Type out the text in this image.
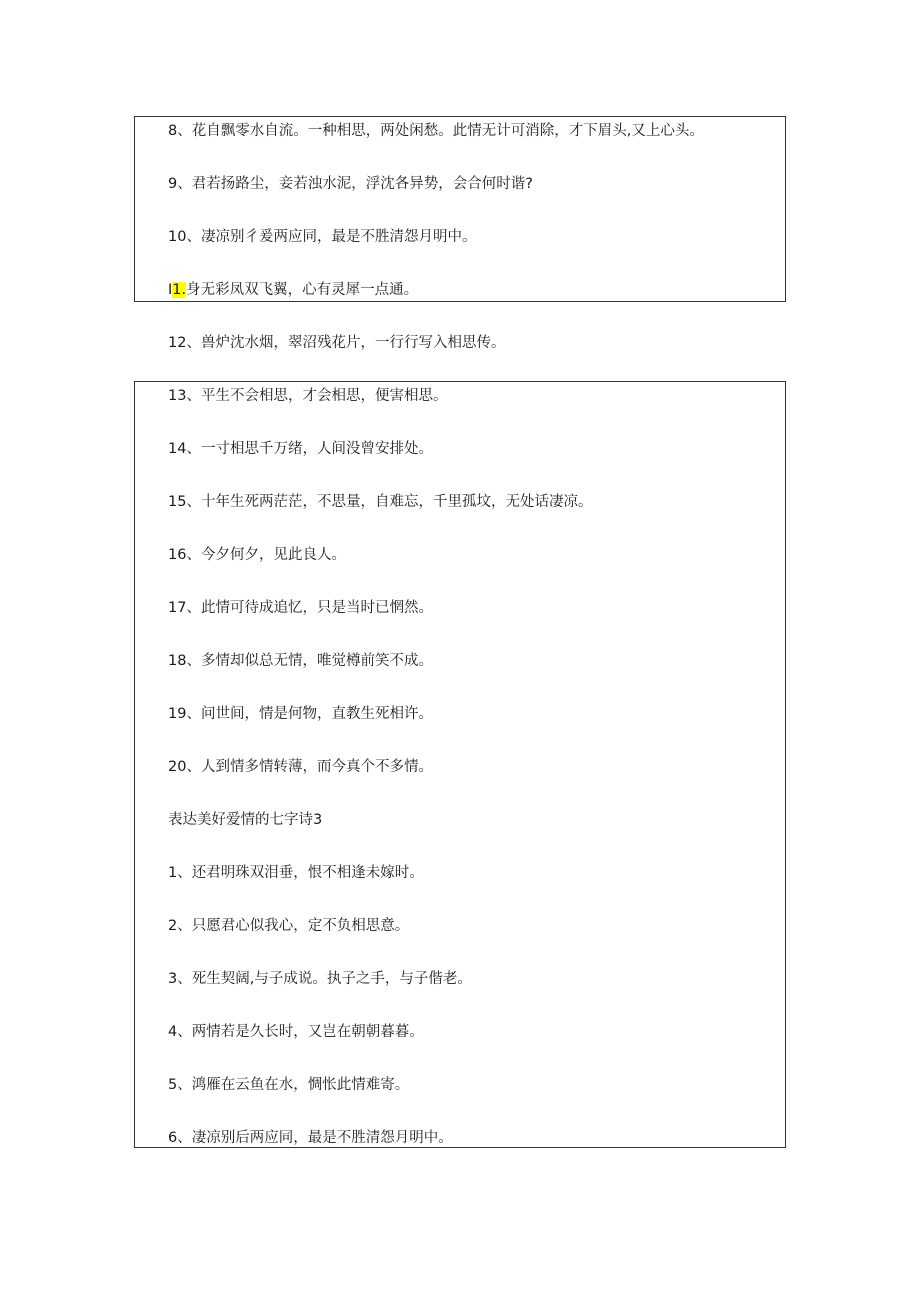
8、花自飘零水自流。一种相思，两处闲愁。此情无计可消除，才下眉头,又上心头。

9、君若扬路尘，妾若浊水泥，浮沈各异势，会合何时谐?

10、凄凉别彳爰两应同，最是不胜清怨月明中。

I1.身无彩凤双飞翼，心有灵犀一点通。

12、兽炉沈水烟，翠沼残花片，一行行写入相思传。

13、平生不会相思，才会相思，便害相思。

14、一寸相思千万绪，人间没曾安排处。

15、十年生死两茫茫，不思量，自难忘，千里孤坟，无处话凄凉。

16、今夕何夕，见此良人。

17、此情可待成追忆，只是当时已惘然。

18、多情却似总无情，唯觉樽前笑不成。

19、问世间，情是何物，直教生死相许。

20、人到情多情转薄，而今真个不多情。

表达美好爱情的七字诗3

1、还君明珠双泪垂，恨不相逢未嫁时。

2、只愿君心似我心，定不负相思意。

3、死生契阔,与子成说。执子之手，与子偕老。

4、两情若是久长时，又岂在朝朝暮暮。

5、鸿雁在云鱼在水，惆怅此情难寄。

6、凄凉别后两应同，最是不胜清怨月明中。
